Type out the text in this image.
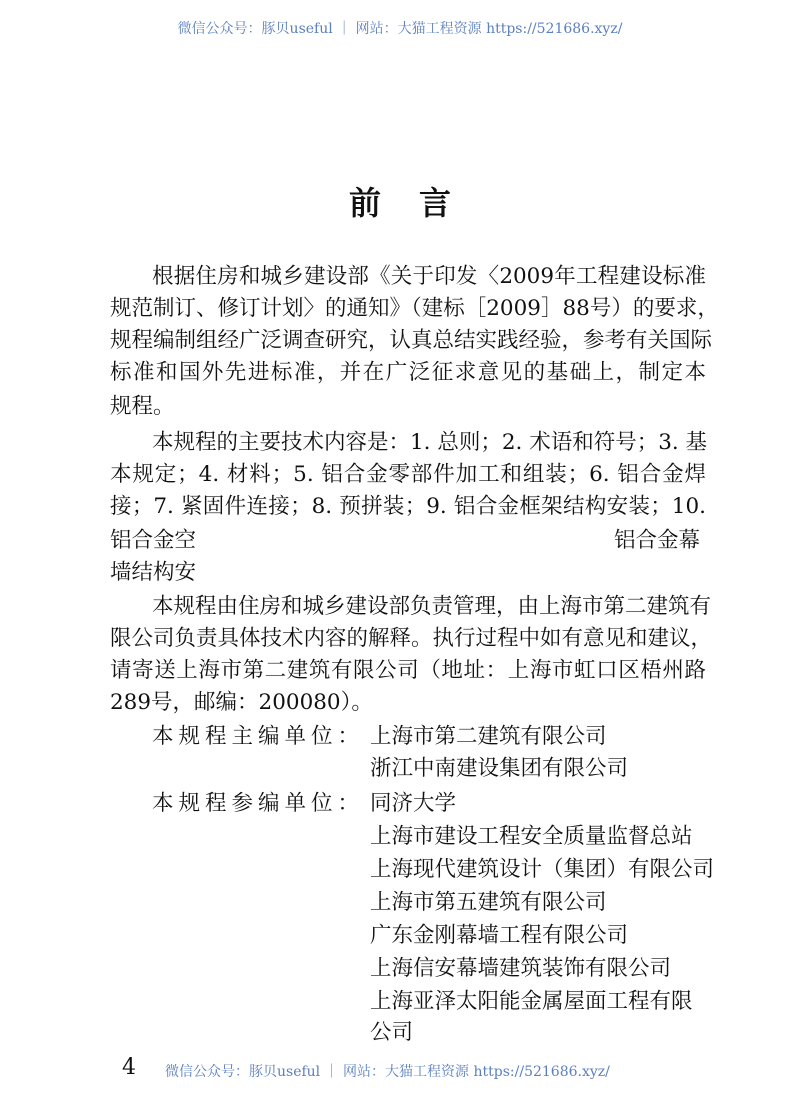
微信公众号：豚贝useful ｜ 网站：大猫工程资源 https://521686.xyz/
前言
根据住房和城乡建设部《关于印发〈2009年工程建设标准
规范制订、修订计划〉的通知》（建标［2009］88号）的要求，
规程编制组经广泛调查研究，认真总结实践经验，参考有关国际
标准和国外先进标准，并在广泛征求意见的基础上，制定本
规程。
本规程的主要技术内容是：1. 总则；2. 术语和符号；3. 基
本规定；4. 材料；5. 铝合金零部件加工和组装；6. 铝合金焊
接；7. 紧固件连接；8. 预拼装；9. 铝合金框架结构安装；10.
铝合金空	铝合金幕
墙结构安
本规程由住房和城乡建设部负责管理，由上海市第二建筑有
限公司负责具体技术内容的解释。执行过程中如有意见和建议，
请寄送上海市第二建筑有限公司（地址：上海市虹口区梧州路
289号，邮编：200080）。
本规程主编单位： 上海市第二建筑有限公司
浙江中南建设集团有限公司
本规程参编单位： 同济大学
上海市建设工程安全质量监督总站
上海现代建筑设计（集团）有限公司
上海市第五建筑有限公司
广东金刚幕墙工程有限公司
上海信安幕墙建筑装饰有限公司
上海亚泽太阳能金属屋面工程有限
公司
4 微信公众号：豚贝useful ｜ 网站：大猫工程资源 https://521686.xyz/
